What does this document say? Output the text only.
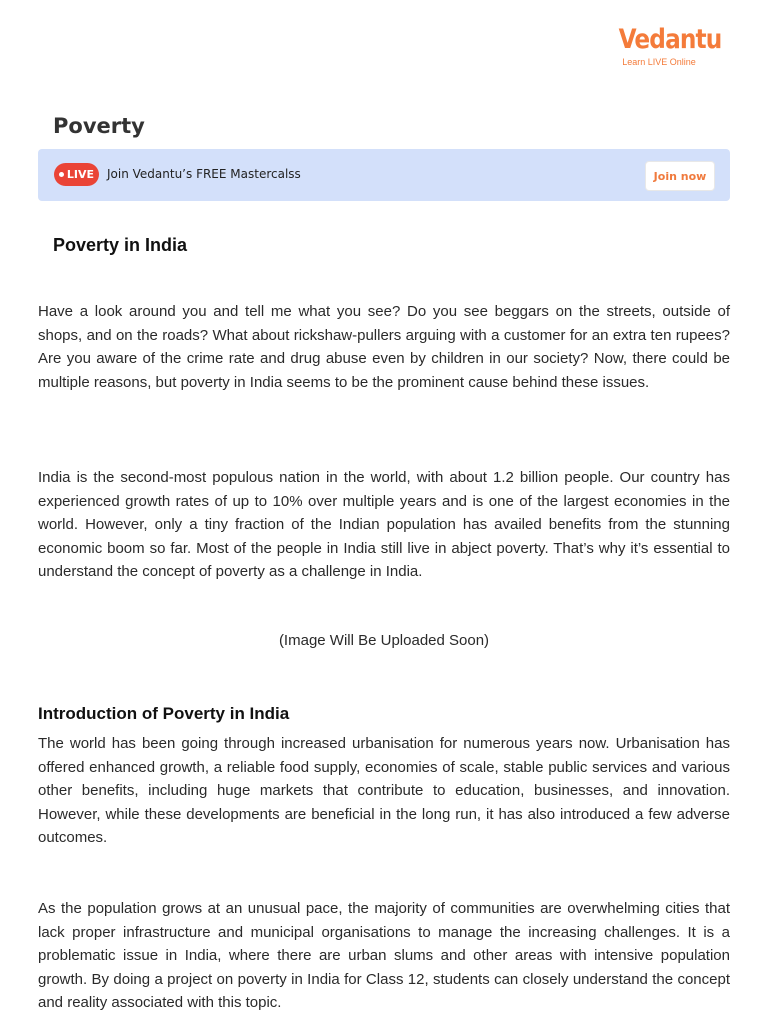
Vedantu
Learn LIVE Online
Poverty
LIVE Join Vedantu’s FREE Mastercalss	Join now
Poverty in India

Have a look around you and tell me what you see? Do you see beggars on the streets, outside of shops, and on the roads? What about rickshaw-pullers arguing with a customer for an extra ten rupees? Are you aware of the crime rate and drug abuse even by children in our society? Now, there could be multiple reasons, but poverty in India seems to be the prominent cause behind these issues.

India is the second-most populous nation in the world, with about 1.2 billion people. Our country has experienced growth rates of up to 10% over multiple years and is one of the largest economies in the world. However, only a tiny fraction of the Indian population has availed benefits from the stunning economic boom so far. Most of the people in India still live in abject poverty. That’s why it’s essential to understand the concept of poverty as a challenge in India.

(Image Will Be Uploaded Soon)
Introduction of Poverty in India

The world has been going through increased urbanisation for numerous years now. Urbanisation has offered enhanced growth, a reliable food supply, economies of scale, stable public services and various other benefits, including huge markets that contribute to education, businesses, and innovation. However, while these developments are beneficial in the long run, it has also introduced a few adverse outcomes.

As the population grows at an unusual pace, the majority of communities are overwhelming cities that lack proper infrastructure and municipal organisations to manage the increasing challenges. It is a problematic issue in India, where there are urban slums and other areas with intensive population growth. By doing a project on poverty in India for Class 12, students can closely understand the concept and reality associated with this topic.
